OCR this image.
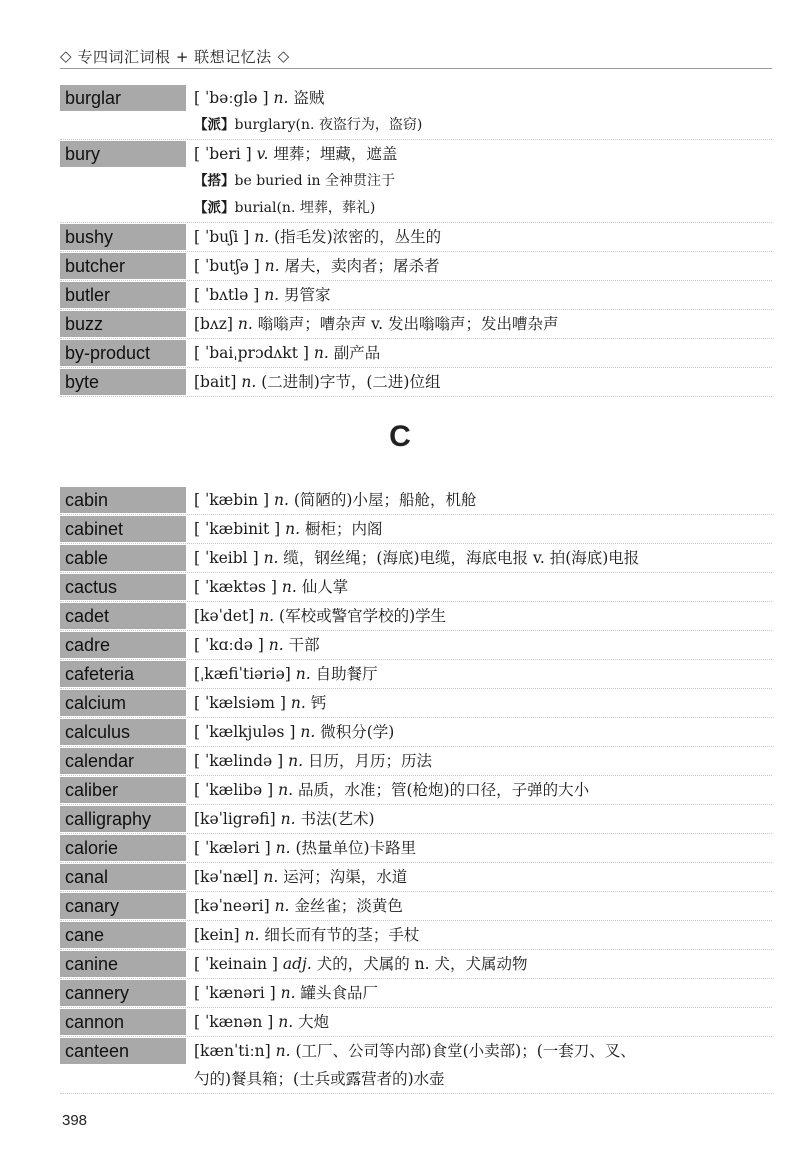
◇ 专四词汇词根 + 联想记忆法 ◇
burglar	[ ˈbəːglə ] n. 盗贼
【派】burglary(n. 夜盗行为，盗窃)
bury	[ ˈberi ] v. 埋葬；埋藏，遮盖
【搭】be buried in 全神贯注于
【派】burial(n. 埋葬，葬礼)
bushy	[ ˈbuʃi ] n. (指毛发)浓密的，丛生的
butcher	[ ˈbutʃə ] n. 屠夫，卖肉者；屠杀者
butler	[ ˈbʌtlə ] n. 男管家
buzz	[bʌz] n. 嗡嗡声；嘈杂声 v. 发出嗡嗡声；发出嘈杂声
by-product	[ ˈbaiˌprɔdʌkt ] n. 副产品
byte	[bait] n. (二进制)字节，(二进)位组
C
cabin	[ ˈkæbin ] n. (简陋的)小屋；船舱，机舱
cabinet	[ ˈkæbinit ] n. 橱柜；内阁
cable	[ ˈkeibl ] n. 缆，钢丝绳；(海底)电缆，海底电报 v. 拍(海底)电报
cactus	[ ˈkæktəs ] n. 仙人掌
cadet	[kəˈdet] n. (军校或警官学校的)学生
cadre	[ ˈkɑːdə ] n. 干部
cafeteria	[ˌkæfiˈtiəriə] n. 自助餐厅
calcium	[ ˈkælsiəm ] n. 钙
calculus	[ ˈkælkjuləs ] n. 微积分(学)
calendar	[ ˈkælində ] n. 日历，月历；历法
caliber	[ ˈkælibə ] n. 品质，水准；管(枪炮)的口径，子弹的大小
calligraphy	[kəˈligrəfi] n. 书法(艺术)
calorie	[ ˈkæləri ] n. (热量单位)卡路里
canal	[kəˈnæl] n. 运河；沟渠，水道
canary	[kəˈneəri] n. 金丝雀；淡黄色
cane	[kein] n. 细长而有节的茎；手杖
canine	[ ˈkeinain ] adj. 犬的，犬属的 n. 犬，犬属动物
cannery	[ ˈkænəri ] n. 罐头食品厂
cannon	[ ˈkænən ] n. 大炮
canteen	[kænˈtiːn] n. (工厂、公司等内部)食堂(小卖部)；(一套刀、叉、
勺的)餐具箱；(士兵或露营者的)水壶
398
